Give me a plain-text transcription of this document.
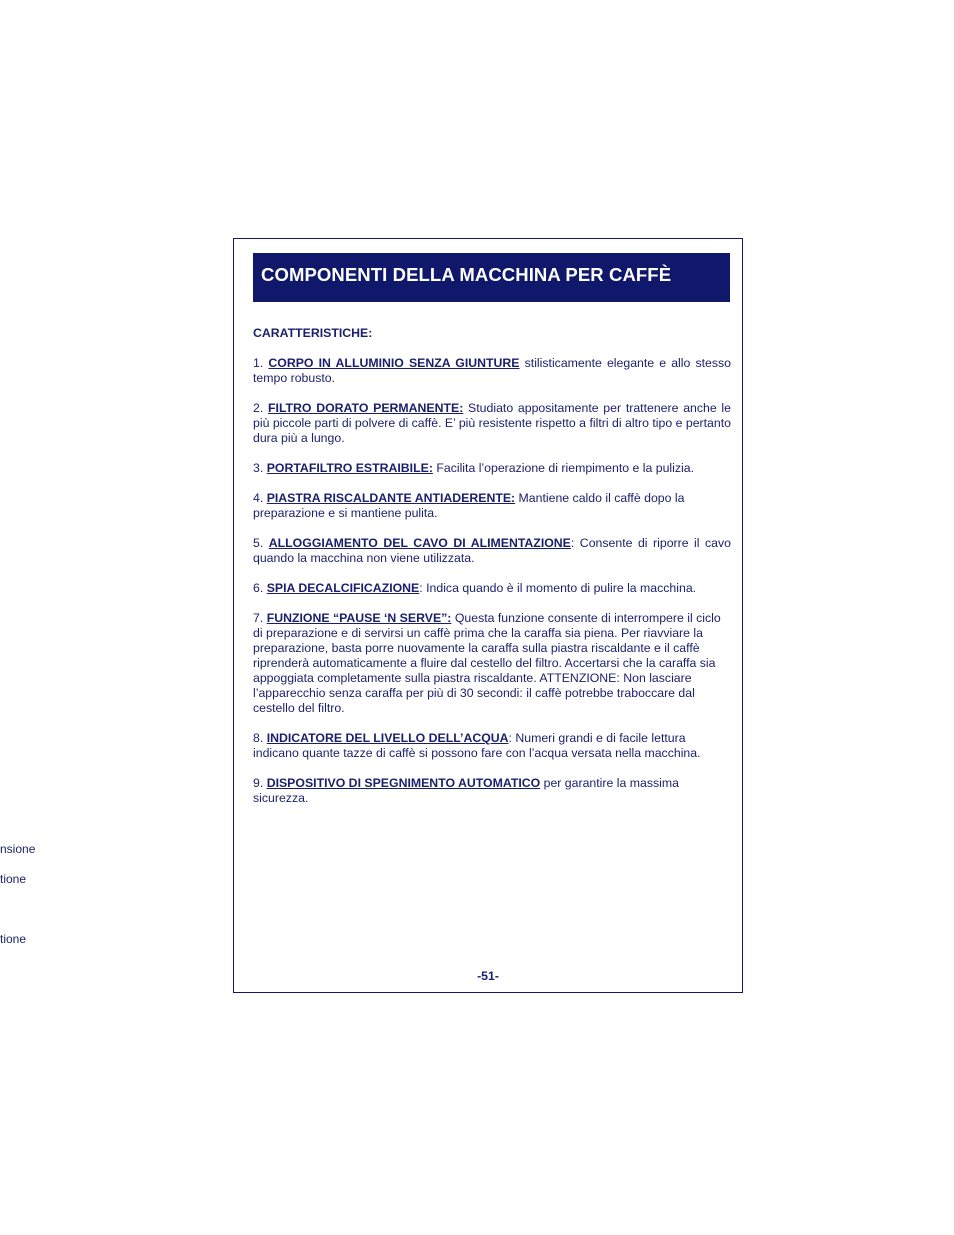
nsione
tione
tione
COMPONENTI DELLA MACCHINA PER CAFFÈ

CARATTERISTICHE:

1. CORPO IN ALLUMINIO SENZA GIUNTURE stilisticamente elegante e allo stesso tempo robusto.

2. FILTRO DORATO PERMANENTE: Studiato appositamente per trattenere anche le più piccole parti di polvere di caffè. E’ più resistente rispetto a filtri di altro tipo e pertanto dura più a lungo.

3. PORTAFILTRO ESTRAIBILE: Facilita l’operazione di riempimento e la pulizia.

4. PIASTRA RISCALDANTE ANTIADERENTE: Mantiene caldo il caffè dopo la preparazione e si mantiene pulita.

5. ALLOGGIAMENTO DEL CAVO DI ALIMENTAZIONE: Consente di riporre il cavo quando la macchina non viene utilizzata.

6. SPIA DECALCIFICAZIONE: Indica quando è il momento di pulire la macchina.

7. FUNZIONE “PAUSE ‘N SERVE”: Questa funzione consente di interrompere il ciclo di preparazione e di servirsi un caffè prima che la caraffa sia piena. Per riavviare la preparazione, basta porre nuovamente la caraffa sulla piastra riscaldante e il caffè riprenderà automaticamente a fluire dal cestello del filtro. Accertarsi che la caraffa sia appoggiata completamente sulla piastra riscaldante. ATTENZIONE: Non lasciare l’apparecchio senza caraffa per più di 30 secondi: il caffè potrebbe traboccare dal cestello del filtro.

8. INDICATORE DEL LIVELLO DELL’ACQUA: Numeri grandi e di facile lettura indicano quante tazze di caffè si possono fare con l’acqua versata nella macchina.

9. DISPOSITIVO DI SPEGNIMENTO AUTOMATICO per garantire la massima sicurezza.

-51-
